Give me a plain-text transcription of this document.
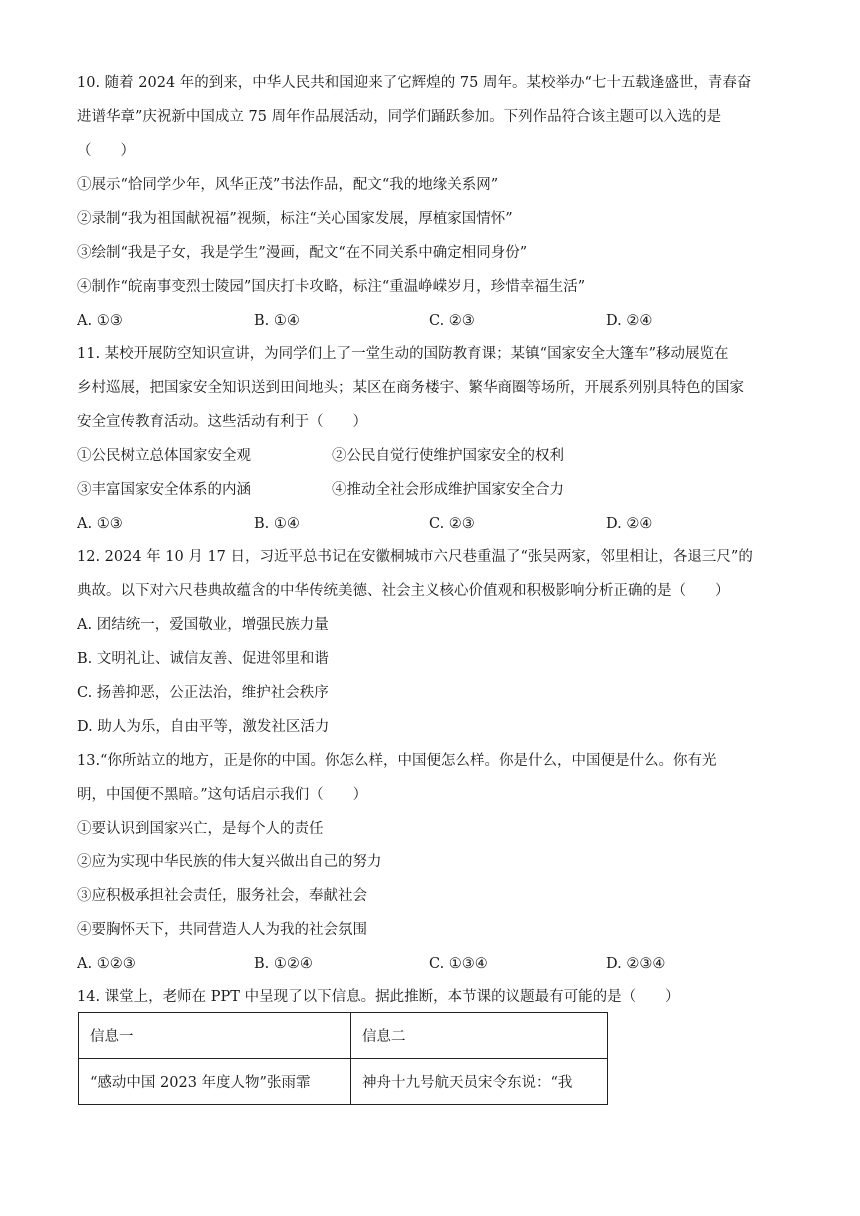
10. 随着 2024 年的到来，中华人民共和国迎来了它辉煌的 75 周年。某校举办“七十五载逢盛世，青春奋
进谱华章”庆祝新中国成立 75 周年作品展活动，同学们踊跃参加。下列作品符合该主题可以入选的是
（　　）
①展示“恰同学少年，风华正茂”书法作品，配文“我的地缘关系网”
②录制“我为祖国献祝福”视频，标注“关心国家发展，厚植家国情怀”
③绘制“我是子女，我是学生”漫画，配文“在不同关系中确定相同身份”
④制作“皖南事变烈士陵园”国庆打卡攻略，标注“重温峥嵘岁月，珍惜幸福生活”
A. ①③	B. ①④	C. ②③	D. ②④
11. 某校开展防空知识宣讲，为同学们上了一堂生动的国防教育课；某镇“国家安全大篷车”移动展览在
乡村巡展，把国家安全知识送到田间地头；某区在商务楼宇、繁华商圈等场所，开展系列别具特色的国家
安全宣传教育活动。这些活动有利于（　　）
①公民树立总体国家安全观	②公民自觉行使维护国家安全的权利
③丰富国家安全体系的内涵	④推动全社会形成维护国家安全合力
A. ①③	B. ①④	C. ②③	D. ②④
12. 2024 年 10 月 17 日，习近平总书记在安徽桐城市六尺巷重温了“张吴两家，邻里相让，各退三尺”的
典故。以下对六尺巷典故蕴含的中华传统美德、社会主义核心价值观和积极影响分析正确的是（　　）
A. 团结统一，爱国敬业，增强民族力量
B. 文明礼让、诚信友善、促进邻里和谐
C. 扬善抑恶，公正法治，维护社会秩序
D. 助人为乐，自由平等，激发社区活力
13.“你所站立的地方，正是你的中国。你怎么样，中国便怎么样。你是什么，中国便是什么。你有光
明，中国便不黑暗。”这句话启示我们（　　）
①要认识到国家兴亡，是每个人的责任
②应为实现中华民族的伟大复兴做出自己的努力
③应积极承担社会责任，服务社会，奉献社会
④要胸怀天下，共同营造人人为我的社会氛围
A. ①②③	B. ①②④	C. ①③④	D. ②③④
14. 课堂上，老师在 PPT 中呈现了以下信息。据此推断，本节课的议题最有可能的是（　　）
信息一	信息二
“感动中国 2023 年度人物”张雨霏	神舟十九号航天员宋令东说：“我
